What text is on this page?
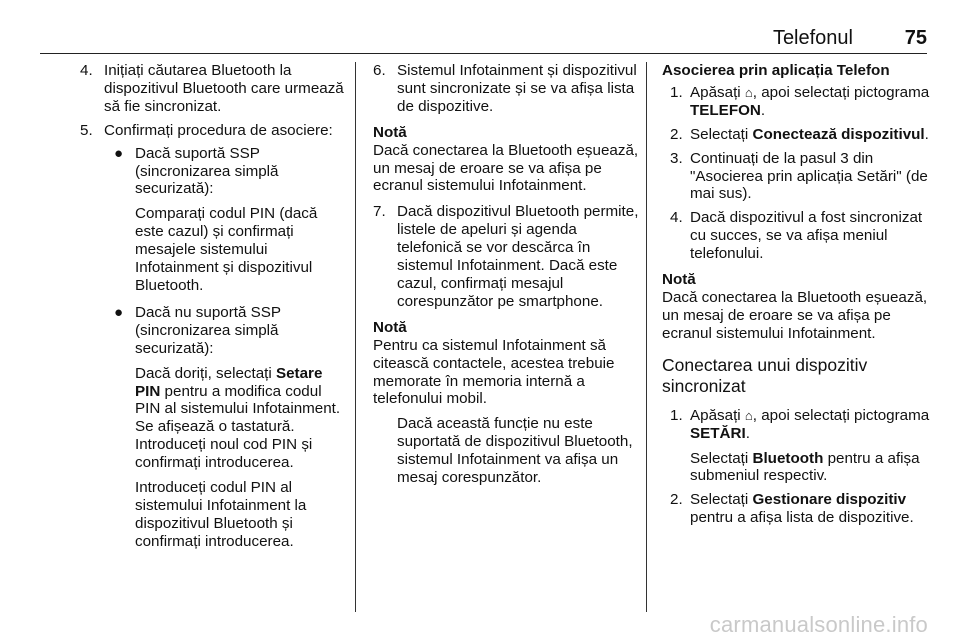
Telefonul	75
4. Inițiați căutarea Bluetooth la dispozitivul Bluetooth care urmează să fie sincronizat.
5. Confirmați procedura de asociere:
● Dacă suportă SSP (sincronizarea simplă securizată):
Comparați codul PIN (dacă este cazul) și confirmați mesajele sistemului Infotainment și dispozitivul Bluetooth.
● Dacă nu suportă SSP (sincronizarea simplă securizată):
Dacă doriți, selectați Setare PIN pentru a modifica codul PIN al sistemului Infotainment. Se afișează o tastatură. Introduceți noul cod PIN și confirmați introducerea.
Introduceți codul PIN al sistemului Infotainment la dispozitivul Bluetooth și confirmați introducerea.
6. Sistemul Infotainment și dispozitivul sunt sincronizate și se va afișa lista de dispozitive.
Notă
Dacă conectarea la Bluetooth eșuează, un mesaj de eroare se va afișa pe ecranul sistemului Infotainment.
7. Dacă dispozitivul Bluetooth permite, listele de apeluri și agenda telefonică se vor descărca în sistemul Infotainment. Dacă este cazul, confirmați mesajul corespunzător pe smartphone.
Notă
Pentru ca sistemul Infotainment să citească contactele, acestea trebuie memorate în memoria internă a telefonului mobil.
Dacă această funcție nu este suportată de dispozitivul Bluetooth, sistemul Infotainment va afișa un mesaj corespunzător.
Asocierea prin aplicația Telefon
1. Apăsați ⌂, apoi selectați pictograma TELEFON.
2. Selectați Conectează dispozitivul.
3. Continuați de la pasul 3 din "Asocierea prin aplicația Setări" (de mai sus).
4. Dacă dispozitivul a fost sincronizat cu succes, se va afișa meniul telefonului.
Notă
Dacă conectarea la Bluetooth eșuează, un mesaj de eroare se va afișa pe ecranul sistemului Infotainment.
Conectarea unui dispozitiv sincronizat
1. Apăsați ⌂, apoi selectați pictograma SETĂRI.
Selectați Bluetooth pentru a afișa submeniul respectiv.
2. Selectați Gestionare dispozitiv pentru a afișa lista de dispozitive.
carmanualsonline.info
